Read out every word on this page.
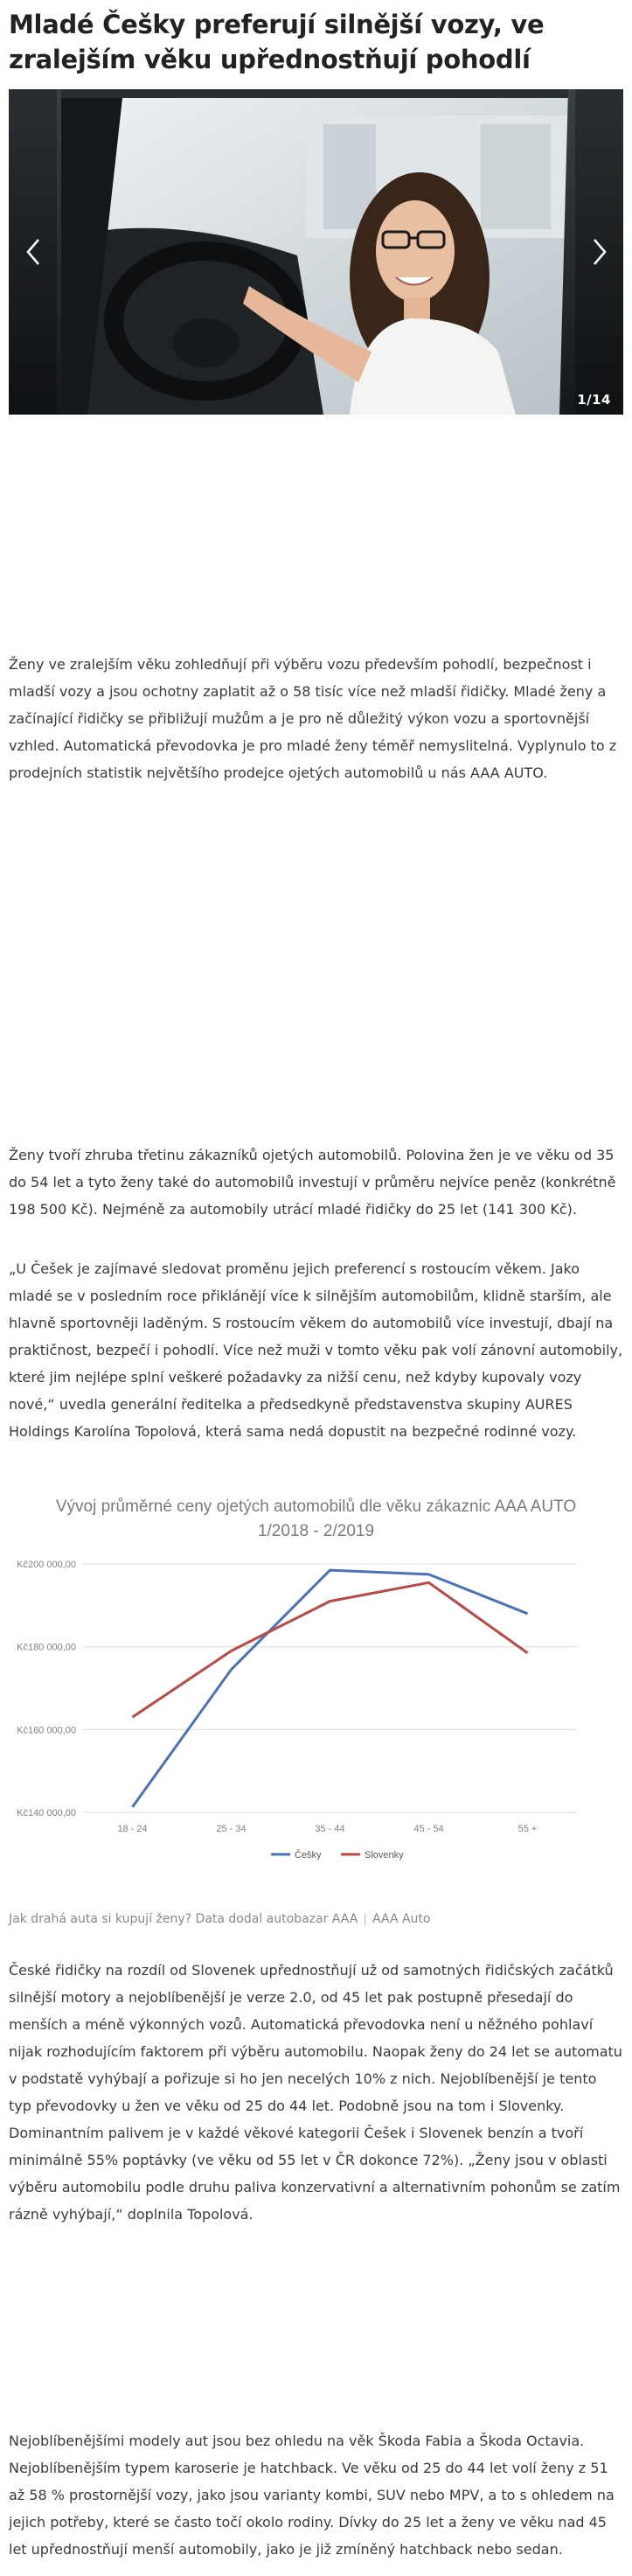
Mladé Češky preferují silnější vozy, ve zralejším věku upřednostňují pohodlí
1/14

Ženy ve zralejším věku zohledňují při výběru vozu především pohodlí, bezpečnost i mladší vozy a jsou ochotny zaplatit až o 58 tisíc více než mladší řidičky. Mladé ženy a začínající řidičky se přibližují mužům a je pro ně důležitý výkon vozu a sportovnější vzhled. Automatická převodovka je pro mladé ženy téměř nemyslitelná. Vyplynulo to z prodejních statistik největšího prodejce ojetých automobilů u nás AAA AUTO.

Ženy tvoří zhruba třetinu zákazníků ojetých automobilů. Polovina žen je ve věku od 35 do 54 let a tyto ženy také do automobilů investují v průměru nejvíce peněz (konkrétně 198 500 Kč). Nejméně za automobily utrácí mladé řidičky do 25 let (141 300 Kč).

„U Češek je zajímavé sledovat proměnu jejich preferencí s rostoucím věkem. Jako mladé se v posledním roce přiklánějí více k silnějším automobilům, klidně starším, ale hlavně sportovněji laděným. S rostoucím věkem do automobilů více investují, dbají na praktičnost, bezpečí i pohodlí. Více než muži v tomto věku pak volí zánovní automobily, které jim nejlépe splní veškeré požadavky za nižší cenu, než kdyby kupovaly vozy nové,“ uvedla generální ředitelka a předsedkyně představenstva skupiny AURES Holdings Karolína Topolová, která sama nedá dopustit na bezpečné rodinné vozy.

Vývoj průměrné ceny ojetých automobilů dle věku zákaznic AAA AUTO
1/2018 - 2/2019
Kč140 000,00
Kč160 000,00
Kč180 000,00
Kč200 000,00
18 - 24	25 - 34	35 - 44	45 - 54	55 +
Češky	Slovenky
Jak drahá auta si kupují ženy? Data dodal autobazar AAA | AAA Auto

České řidičky na rozdíl od Slovenek upřednostňují už od samotných řidičských začátků silnější motory a nejoblíbenější je verze 2.0, od 45 let pak postupně přesedají do menších a méně výkonných vozů. Automatická převodovka není u něžného pohlaví nijak rozhodujícím faktorem při výběru automobilu. Naopak ženy do 24 let se automatu v podstatě vyhýbají a pořizuje si ho jen necelých 10% z nich. Nejoblíbenější je tento typ převodovky u žen ve věku od 25 do 44 let. Podobně jsou na tom i Slovenky. Dominantním palivem je v každé věkové kategorii Češek i Slovenek benzín a tvoří minimálně 55% poptávky (ve věku od 55 let v ČR dokonce 72%). „Ženy jsou v oblasti výběru automobilu podle druhu paliva konzervativní a alternativním pohonům se zatím rázně vyhýbají,“ doplnila Topolová.

Nejoblíbenějšími modely aut jsou bez ohledu na věk Škoda Fabia a Škoda Octavia. Nejoblíbenějším typem karoserie je hatchback. Ve věku od 25 do 44 let volí ženy z 51 až 58 % prostornější vozy, jako jsou varianty kombi, SUV nebo MPV, a to s ohledem na jejich potřeby, které se často točí okolo rodiny. Dívky do 25 let a ženy ve věku nad 45 let upřednostňují menší automobily, jako je již zmíněný hatchback nebo sedan.
